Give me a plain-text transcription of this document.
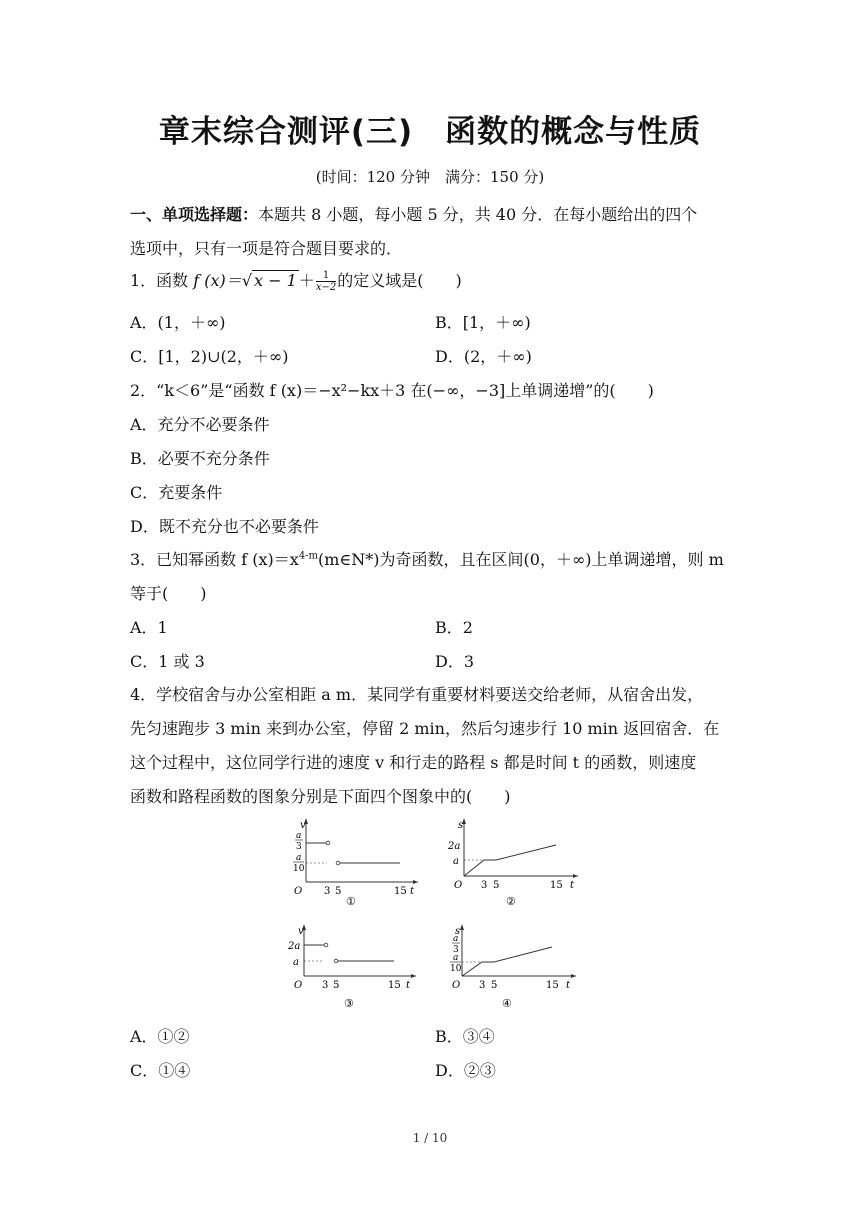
章末综合测评(三)　函数的概念与性质
(时间：120 分钟　满分：150 分)
一、单项选择题：本题共 8 小题，每小题 5 分，共 40 分．在每小题给出的四个
选项中，只有一项是符合题目要求的．
1．函数 f (x)＝√ $x - 1 + \frac{1}{x-2}$ 的定义域是(　　)
A．(1，＋∞)	B．[1，＋∞)
C．[1，2)∪(2，＋∞)	D．(2，＋∞)
2．“k＜6”是“函数 f (x)＝−x²−kx＋3 在(−∞，−3]上单调递增”的(　　)
A．充分不必要条件
B．必要不充分条件
C．充要条件
D．既不充分也不必要条件
3．已知幂函数 f $(x)=x^{4-m}(m\in N*)$为奇函数，且在区间(0，＋∞)上单调递增，则 m
等于(　　)
A．1	B．2
C．1 或 3	D．3
4．学校宿舍与办公室相距 a m．某同学有重要材料要送交给老师，从宿舍出发，
先匀速跑步 3 min 来到办公室，停留 2 min，然后匀速步行 10 min 返回宿舍．在
这个过程中，这位同学行进的速度 v 和行走的路程 s 都是时间 t 的函数，则速度
函数和路程函数的图象分别是下面四个图象中的(　　)
v
a
3
a
10
O 3 5	15 t
①
s
2a
a
O 3 5	15 t
②
v
2a
a
O 3 5	15 t
③
s
a
3
a
10
O 3 5	15 t
④
A．①②	B．③④
C．①④	D．②③
1 / 10
